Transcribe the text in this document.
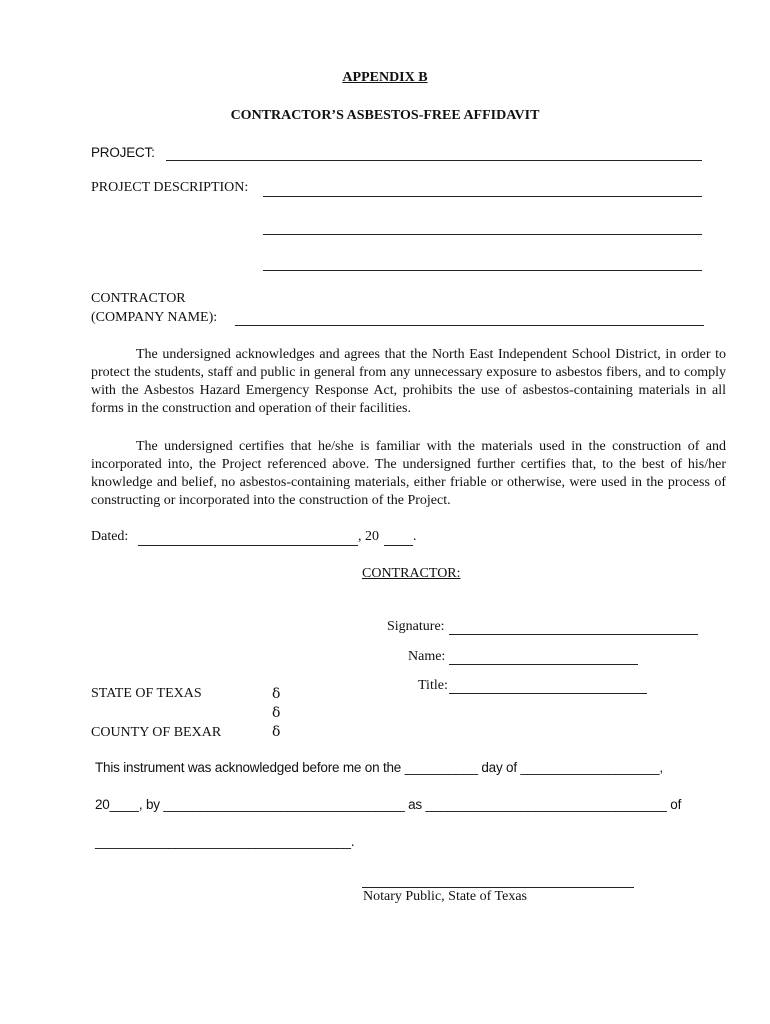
APPENDIX B
CONTRACTOR’S ASBESTOS-FREE AFFIDAVIT
PROJECT:
PROJECT DESCRIPTION:
CONTRACTOR
(COMPANY NAME):

The undersigned acknowledges and agrees that the North East Independent School District, in order to protect the students, staff and public in general from any unnecessary exposure to asbestos fibers, and to comply with the Asbestos Hazard Emergency Response Act, prohibits the use of asbestos-containing materials in all forms in the construction and operation of their facilities.

The undersigned certifies that he/she is familiar with the materials used in the construction of and incorporated into, the Project referenced above. The undersigned further certifies that, to the best of his/her knowledge and belief, no asbestos-containing materials, either friable or otherwise, were used in the process of constructing or incorporated into the construction of the Project.

Dated:	, 20 .
CONTRACTOR:
Signature:
Name:
Title:
STATE OF TEXAS
COUNTY OF BEXAR
δ
δ
δ
This instrument was acknowledged before me on the __________ day of ___________________,
20____, by _________________________________ as _________________________________ of
___________________________________.
Notary Public, State of Texas
